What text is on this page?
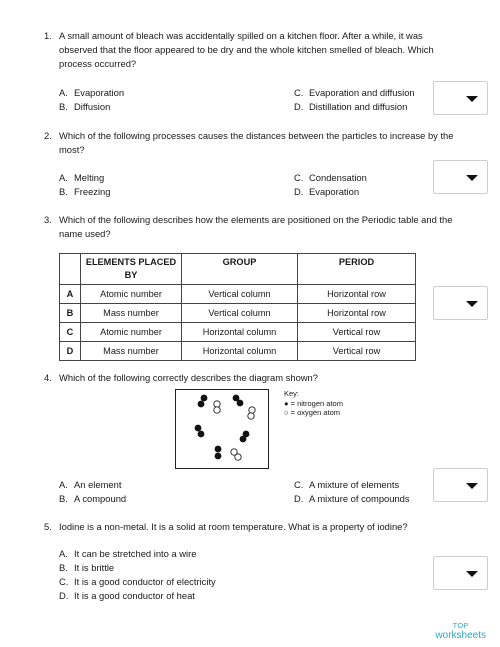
1. A small amount of bleach was accidentally spilled on a kitchen floor. After a while, it was observed that the floor appeared to be dry and the whole kitchen smelled of bleach. Which process occurred?
A. Evaporation
B. Diffusion
C. Evaporation and diffusion
D. Distillation and diffusion
2. Which of the following processes causes the distances between the particles to increase by the most?
A. Melting
B. Freezing
C. Condensation
D. Evaporation
3. Which of the following describes how the elements are positioned on the Periodic table and the name used?
	ELEMENTS PLACED BY	GROUP	PERIOD
A	Atomic number	Vertical column	Horizontal row
B	Mass number	Vertical column	Horizontal row
C	Atomic number	Horizontal column	Vertical row
D	Mass number	Horizontal column	Vertical row
4. Which of the following correctly describes the diagram shown?
Key:
● = nitrogen atom
○ = oxygen atom
A. An element
B. A compound
C. A mixture of elements
D. A mixture of compounds
5. Iodine is a non-metal. It is a solid at room temperature. What is a property of iodine?
A. It can be stretched into a wire
B. It is brittle
C. It is a good conductor of electricity
D. It is a good conductor of heat
TOP
worksheets
